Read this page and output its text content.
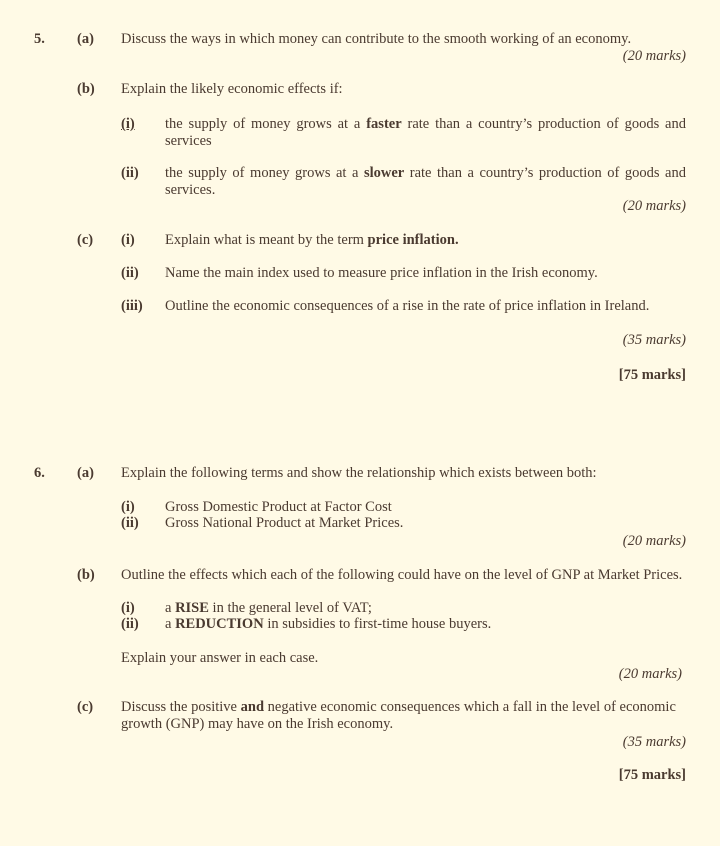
5. (a) Discuss the ways in which money can contribute to the smooth working of an economy.
(20 marks)
(b) Explain the likely economic effects if:
(i) the supply of money grows at a faster rate than a country’s production of goods and services
(ii) the supply of money grows at a slower rate than a country’s production of goods and services.
(20 marks)
(c) (i) Explain what is meant by the term price inflation.
(ii) Name the main index used to measure price inflation in the Irish economy.
(iii) Outline the economic consequences of a rise in the rate of price inflation in Ireland.
(35 marks)
[75 marks]
6. (a) Explain the following terms and show the relationship which exists between both:
(i) Gross Domestic Product at Factor Cost
(ii) Gross National Product at Market Prices.
(20 marks)
(b) Outline the effects which each of the following could have on the level of GNP at Market Prices.
(i) a RISE in the general level of VAT;
(ii) a REDUCTION in subsidies to first-time house buyers.
Explain your answer in each case.
(20 marks)
(c) Discuss the positive and negative economic consequences which a fall in the level of economic growth (GNP) may have on the Irish economy.
(35 marks)
[75 marks]
